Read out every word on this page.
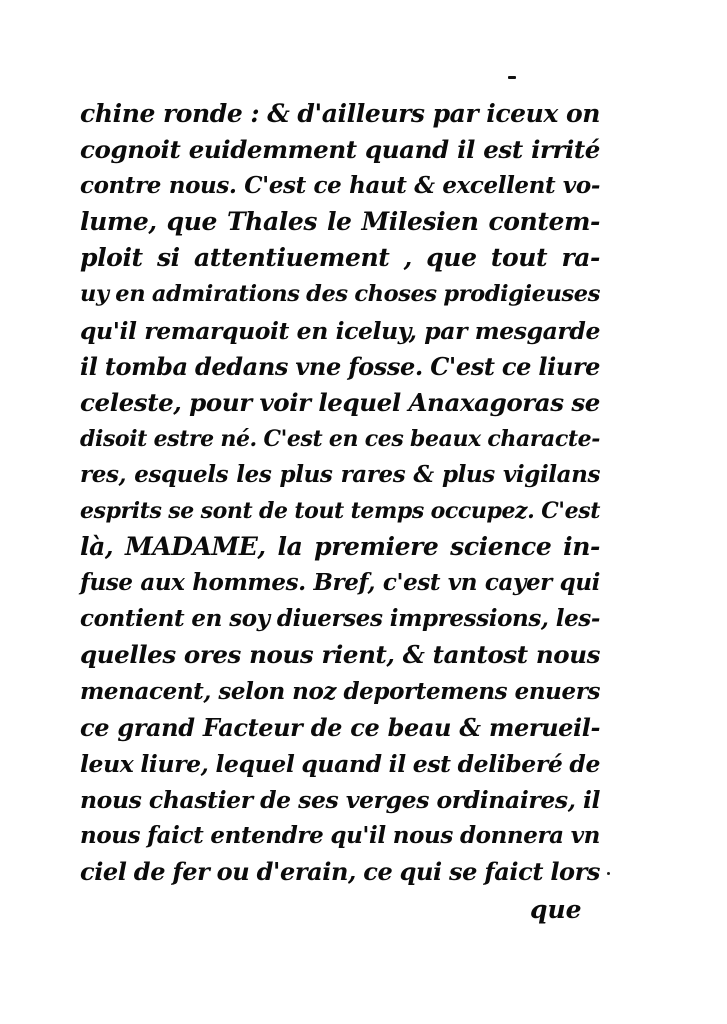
chine ronde : & d'ailleurs par iceux on
cognoit euidemment quand il est irrité
contre nous. C'est ce haut & excellent vo-
lume, que Thales le Milesien contem-
ploit si attentiuement , que tout ra-
uy en admirations des choses prodigieuses
qu'il remarquoit en iceluy, par mesgarde
il tomba dedans vne fosse. C'est ce liure
celeste, pour voir lequel Anaxagoras se
disoit estre né. C'est en ces beaux characte-
res, esquels les plus rares & plus vigilans
esprits se sont de tout temps occupez. C'est
là, MADAME, la premiere science in-
fuse aux hommes. Bref, c'est vn cayer qui
contient en soy diuerses impressions, les-
quelles ores nous rient, & tantost nous
menacent, selon noz deportemens enuers
ce grand Facteur de ce beau & merueil-
leux liure, lequel quand il est deliberé de
nous chastier de ses verges ordinaires, il
nous faict entendre qu'il nous donnera vn
ciel de fer ou d'erain, ce qui se faict lors
que
